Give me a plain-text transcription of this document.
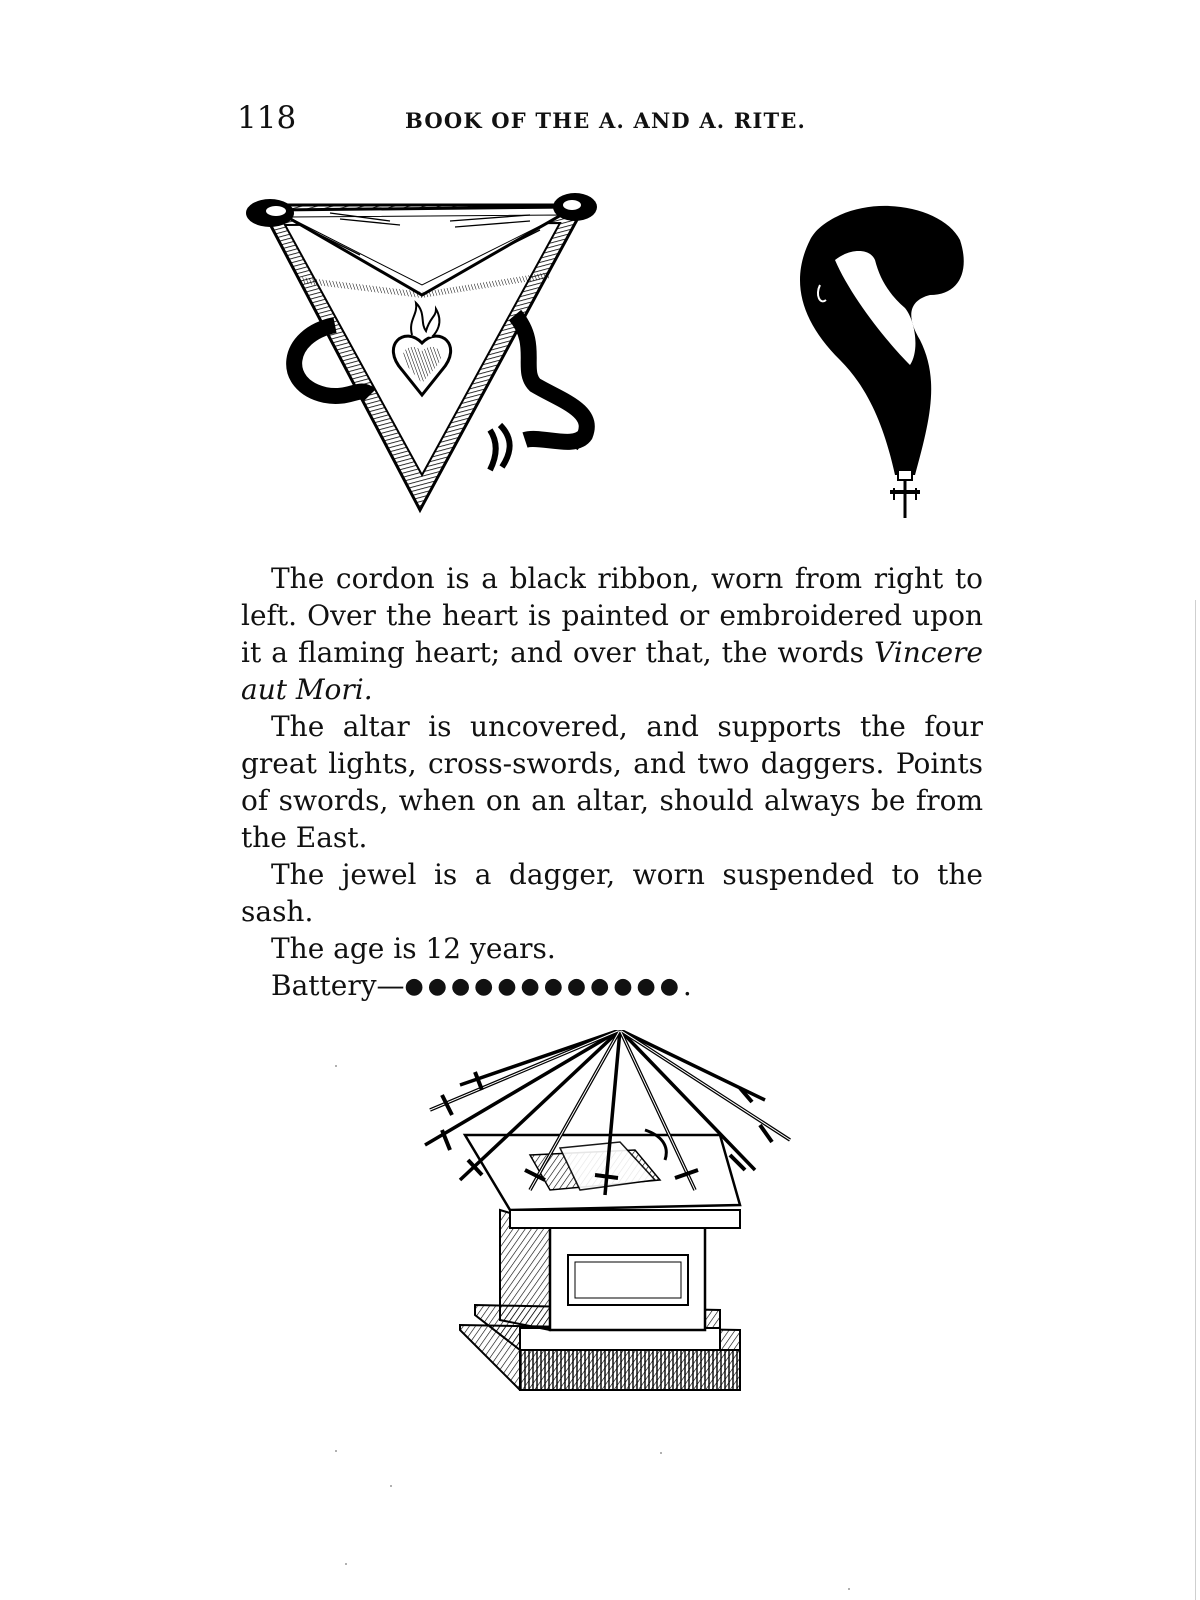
118	BOOK OF THE A. AND A. RITE.

The cordon is a black ribbon, worn from right to left. Over the heart is painted or embroidered upon it a flaming heart; and over that, the words Vincere aut Mori.

The altar is uncovered, and supports the four great lights, cross-swords, and two daggers. Points of swords, when on an altar, should always be from the East.

The jewel is a dagger, worn suspended to the sash.

The age is 12 years.

Battery—●●●●●●●●●●●●.
